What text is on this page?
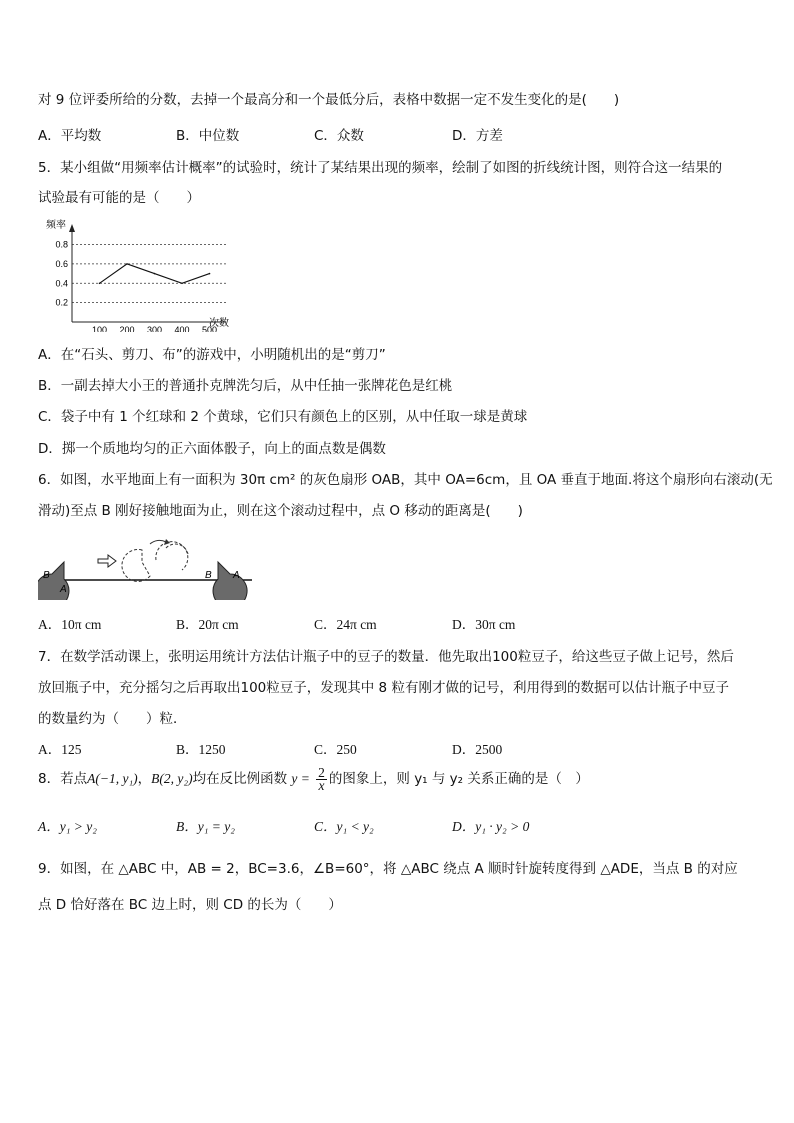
对 9 位评委所给的分数，去掉一个最高分和一个最低分后，表格中数据一定不发生变化的是(　　)
A．平均数	B．中位数	C．众数	D．方差
5．某小组做“用频率估计概率”的试验时，统计了某结果出现的频率，绘制了如图的折线统计图，则符合这一结果的
试验最有可能的是（　　）
频率
次数
0.8
0.6
0.4
0.2
100 200 300 400 500
A．在“石头、剪刀、布”的游戏中，小明随机出的是“剪刀”
B．一副去掉大小王的普通扑克牌洗匀后，从中任抽一张牌花色是红桃
C．袋子中有 1 个红球和 2 个黄球，它们只有颜色上的区别，从中任取一球是黄球
D．掷一个质地均匀的正六面体骰子，向上的面点数是偶数
6．如图，水平地面上有一面积为 30π cm² 的灰色扇形 OAB，其中 OA=6cm，且 OA 垂直于地面.将这个扇形向右滚动(无
滑动)至点 B 刚好接触地面为止，则在这个滚动过程中，点 O 移动的距离是(　　)
O
B
A
O
B A
A．10π cm	B．20π cm	C．24π cm	D．30π cm
7．在数学活动课上，张明运用统计方法估计瓶子中的豆子的数量．他先取出100粒豆子，给这些豆子做上记号，然后
放回瓶子中，充分摇匀之后再取出100粒豆子，发现其中 8 粒有刚才做的记号，利用得到的数据可以估计瓶子中豆子
的数量约为（　　）粒．
A．125	B．1250	C．250	D．2500
8．若点A(−1, y₁)，B(2, y₂)均在反比例函数 $y = \frac{2}{x}$ 的图象上，则 y₁ 与 y₂ 关系正确的是（　）
A．y₁ > y₂	B．y₁ = y₂	C．y₁ < y₂	D．y₁ · y₂ > 0
9．如图，在 △ABC 中，AB = 2，BC=3.6，∠B=60°，将 △ABC 绕点 A 顺时针旋转度得到 △ADE，当点 B 的对应
点 D 恰好落在 BC 边上时，则 CD 的长为（　　）
